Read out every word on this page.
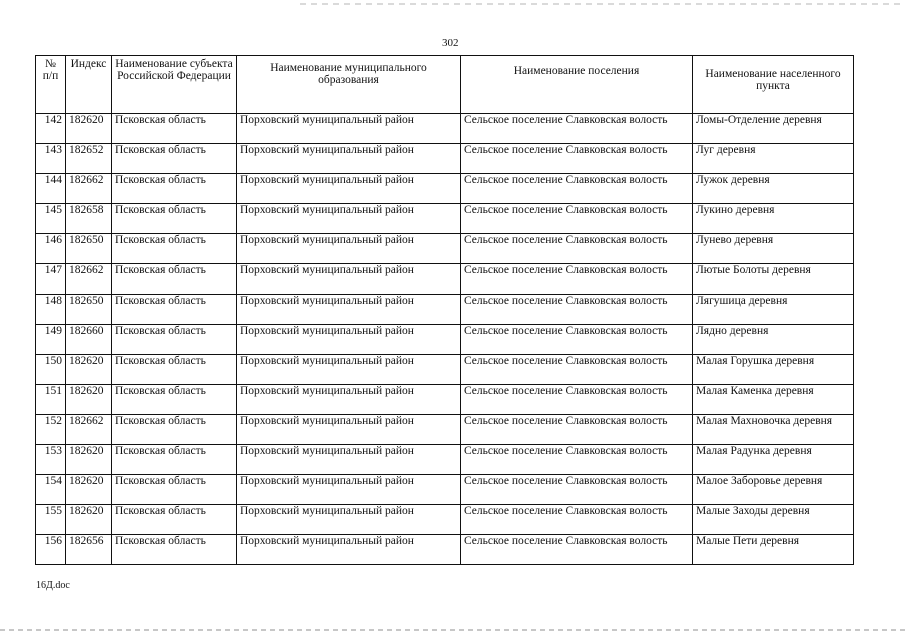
302
№ п/п	Индекс	Наименование субъекта Российской Федерации	Наименование муниципального образования	Наименование поселения	Наименование населенного пункта
142	182620	Псковская область	Порховский муниципальный район	Сельское поселение Славковская волость	Ломы-Отделение деревня
143	182652	Псковская область	Порховский муниципальный район	Сельское поселение Славковская волость	Луг деревня
144	182662	Псковская область	Порховский муниципальный район	Сельское поселение Славковская волость	Лужок деревня
145	182658	Псковская область	Порховский муниципальный район	Сельское поселение Славковская волость	Лукино деревня
146	182650	Псковская область	Порховский муниципальный район	Сельское поселение Славковская волость	Лунево деревня
147	182662	Псковская область	Порховский муниципальный район	Сельское поселение Славковская волость	Лютые Болоты деревня
148	182650	Псковская область	Порховский муниципальный район	Сельское поселение Славковская волость	Лягушица деревня
149	182660	Псковская область	Порховский муниципальный район	Сельское поселение Славковская волость	Лядно деревня
150	182620	Псковская область	Порховский муниципальный район	Сельское поселение Славковская волость	Малая Горушка деревня
151	182620	Псковская область	Порховский муниципальный район	Сельское поселение Славковская волость	Малая Каменка деревня
152	182662	Псковская область	Порховский муниципальный район	Сельское поселение Славковская волость	Малая Махновочка деревня
153	182620	Псковская область	Порховский муниципальный район	Сельское поселение Славковская волость	Малая Радунка деревня
154	182620	Псковская область	Порховский муниципальный район	Сельское поселение Славковская волость	Малое Заборовье деревня
155	182620	Псковская область	Порховский муниципальный район	Сельское поселение Славковская волость	Малые Заходы деревня
156	182656	Псковская область	Порховский муниципальный район	Сельское поселение Славковская волость	Малые Пети деревня
16Д.doc
